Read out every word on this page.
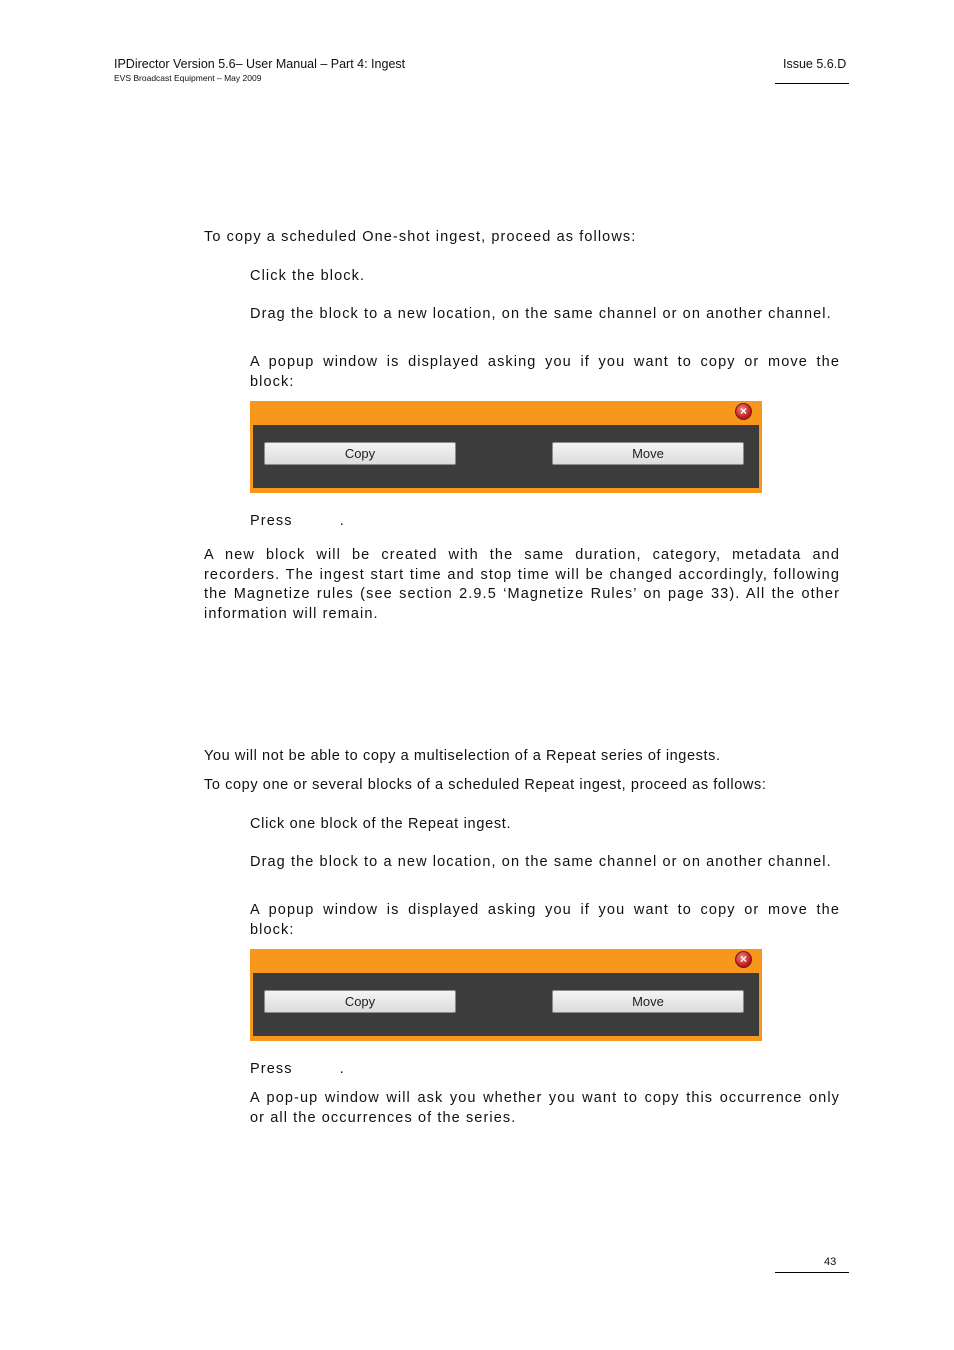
IPDirector Version 5.6– User Manual – Part 4: Ingest
EVS Broadcast Equipment – May 2009
Issue 5.6.D

To copy a scheduled One-shot ingest, proceed as follows:

Click the block.

Drag the block to a new location, on the same channel or on another channel.

A popup window is displayed asking you if you want to copy or move the block:

×
Copy	Move

Press .

A new block will be created with the same duration, category, metadata and recorders. The ingest start time and stop time will be changed accordingly, following the Magnetize rules (see section 2.9.5 ‘Magnetize Rules’ on page 33). All the other information will remain.

You will not be able to copy a multiselection of a Repeat series of ingests.

To copy one or several blocks of a scheduled Repeat ingest, proceed as follows:

Click one block of the Repeat ingest.

Drag the block to a new location, on the same channel or on another channel.

A popup window is displayed asking you if you want to copy or move the block:

×
Copy	Move

Press .

A pop-up window will ask you whether you want to copy this occurrence only or all the occurrences of the series.

43
